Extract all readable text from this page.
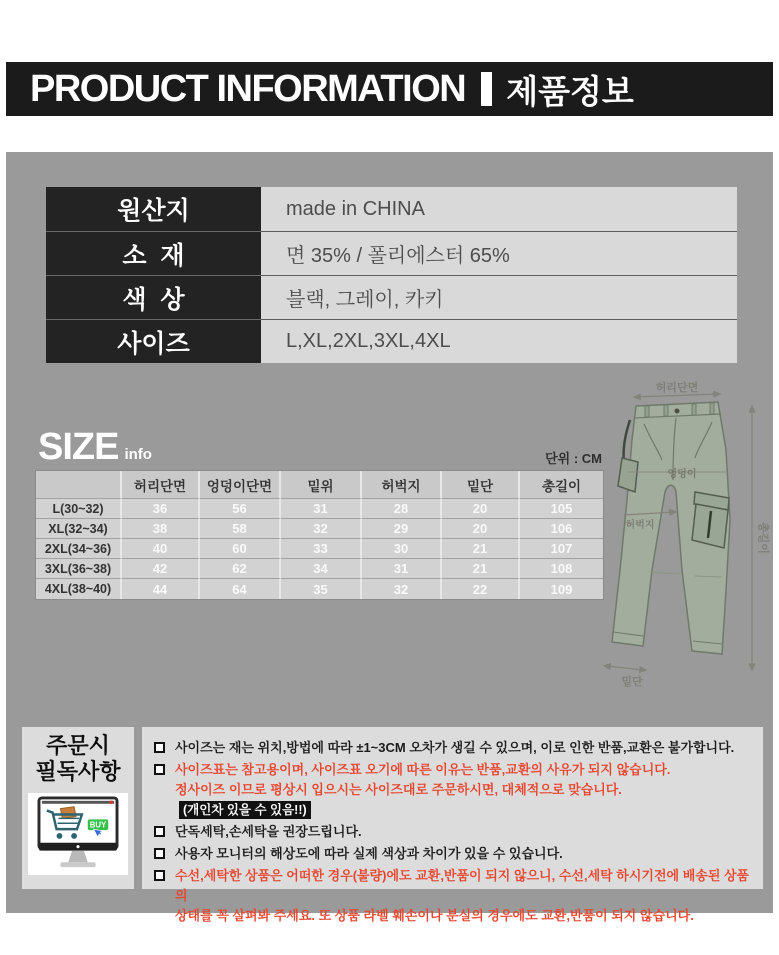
PRODUCT INFORMATION 제품정보
원산지	made in CHINA
소  재	면 35% / 폴리에스터 65%
색  상	블랙, 그레이, 카키
사이즈	L,XL,2XL,3XL,4XL
SIZE info	단위 : CM
	허리단면	엉덩이단면	밑위	허벅지	밑단	총길이
L(30~32)	36	56	31	28	20	105
XL(32~34)	38	58	32	29	20	106
2XL(34~36)	40	60	33	30	21	107
3XL(36~38)	42	62	34	31	21	108
4XL(38~40)	44	64	35	32	22	109
허리단면
총길이
엉덩이
허벅지
밑단
주문시
필독사항
BUY
사이즈는 재는 위치,방법에 따라 ±1~3CM 오차가 생길 수 있으며, 이로 인한 반품,교환은 불가합니다.
사이즈표는 참고용이며, 사이즈표 오기에 따른 이유는 반품,교환의 사유가 되지 않습니다.
정사이즈 이므로 평상시 입으시는 사이즈대로 주문하시면, 대체적으로 맞습니다.(개인차 있을 수 있음!!)
단독세탁,손세탁을 권장드립니다.
사용자 모니터의 해상도에 따라 실제 색상과 차이가 있을 수 있습니다.
수선,세탁한 상품은 어떠한 경우(불량)에도 교환,반품이 되지 않으니, 수선,세탁 하시기전에 배송된 상품의
상태를 꼭 살펴봐 주세요. 또 상품 라벨 훼손이나 분실의 경우에도 교환,반품이 되지 않습니다.
